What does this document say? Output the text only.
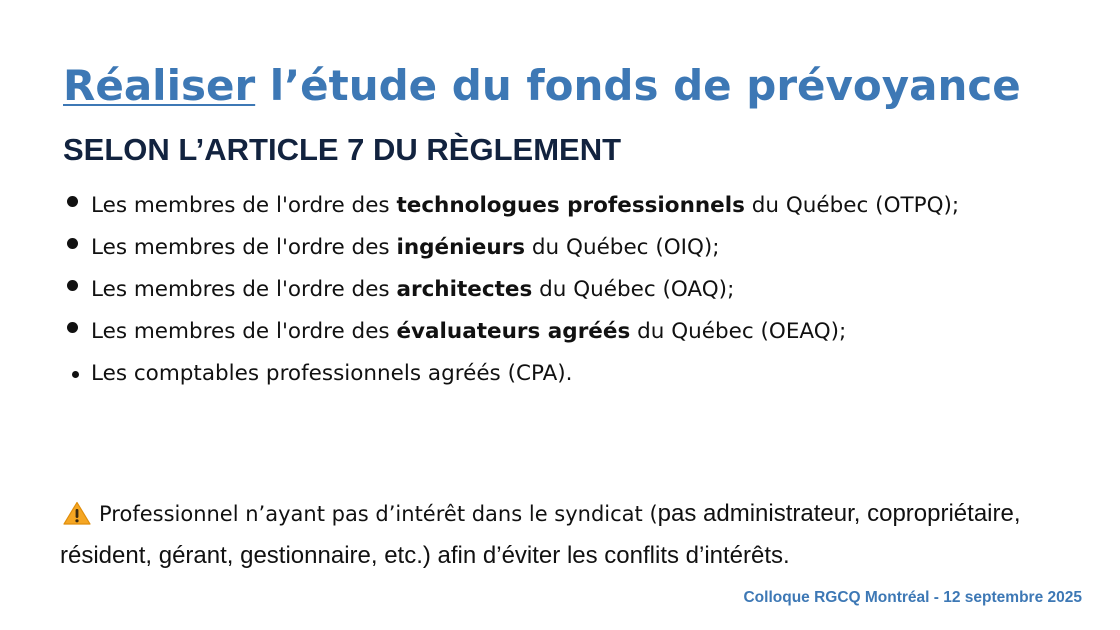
Réaliser l’étude du fonds de prévoyance
SELON L’ARTICLE 7 DU RÈGLEMENT
Les membres de l'ordre des technologues professionnels du Québec (OTPQ);
Les membres de l'ordre des ingénieurs du Québec (OIQ);
Les membres de l'ordre des architectes du Québec (OAQ);
Les membres de l'ordre des évaluateurs agréés du Québec (OEAQ);
Les comptables professionnels agréés (CPA).

Professionnel n’ayant pas d’intérêt dans le syndicat (pas administrateur, copropriétaire, résident, gérant, gestionnaire, etc.) afin d’éviter les conflits d’intérêts.

Colloque RGCQ Montréal - 12 septembre 2025
